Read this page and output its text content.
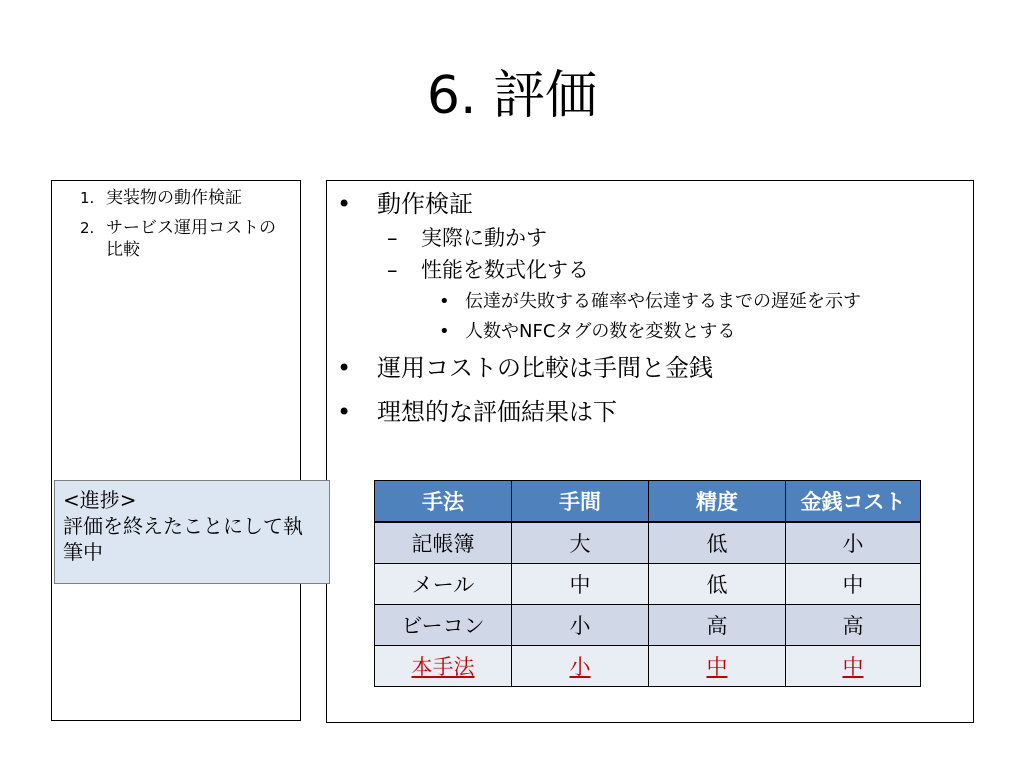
6. 評価
1. 実装物の動作検証
2. サービス運用コストの比較
• 動作検証
– 実際に動かす
– 性能を数式化する
• 伝達が失敗する確率や伝達するまでの遅延を示す
• 人数やNFCタグの数を変数とする
• 運用コストの比較は手間と金銭
• 理想的な評価結果は下
手法	手間	精度	金銭コスト
記帳簿	大	低	小
メール	中	低	中
ビーコン	小	高	高
本手法	小	中	中
<進捗>
評価を終えたことにして執筆中
